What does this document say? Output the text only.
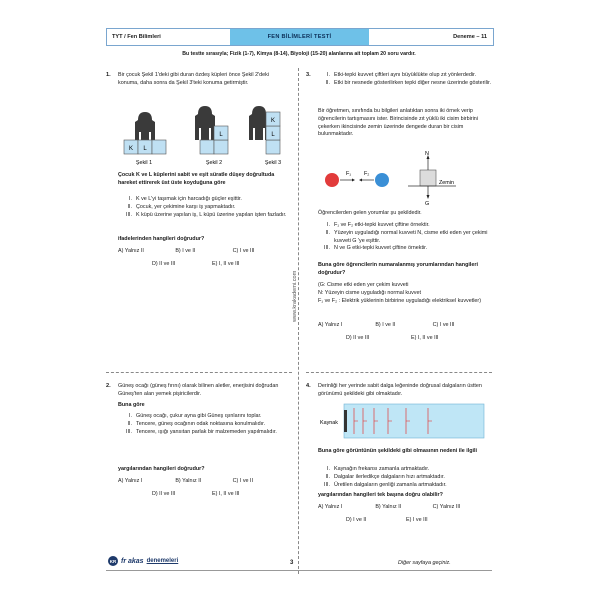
TYT / Fen Bilimleri	FEN BİLİMLERİ TESTİ	Deneme – 11
Bu testte sırasıyla; Fizik (1-7), Kimya (8-14), Biyoloji (15-20) alanlarına ait toplam 20 soru vardır.
www.krakademi.com
1. Bir çocuk Şekil 1'deki gibi duran özdeş küpleri önce Şekil 2'deki konuma, daha sonra da Şekil 3'teki konuma getirmiştir.
K L
L
K
L
Şekil 1	Şekil 2	Şekil 3
Çocuk K ve L küplerini sabit ve eşit süratle düşey doğrultuda hareket ettirerek üst üste koyduğuna göre
I. K ve L'yi taşımak için harcadığı güçler eşittir.
II. Çocuk, yer çekimine karşı iş yapmaktadır.
III. K küpü üzerine yapılan iş, L küpü üzerine yapılan işten fazladır.
ifadelerinden hangileri doğrudur?
A) Yalnız II	B) I ve II	C) I ve III
D) II ve III	E) I, II ve III
2. Güneş ocağı (güneş fırını) olarak bilinen aletler, enerjisini doğrudan Güneş'ten alan yemek pişiricilerdir.
Buna göre
I. Güneş ocağı, çukur ayna gibi Güneş ışınlarını toplar.
II. Tencere, güneş ocağının odak noktasına konulmalıdır.
III. Tencere, ışığı yansıtan parlak bir malzemeden yapılmalıdır.
yargılarından hangileri doğrudur?
A) Yalnız I	B) Yalnız II	C) I ve II
D) II ve III	E) I, II ve III
3.	I. Etki-tepki kuvvet çiftleri aynı büyüklükte olup zıt yönlerdedir.
II. Etki bir nesnede gösterilirken tepki diğer nesne üzerinde gösterilir.
Bir öğretmen, sınıfında bu bilgileri anlatıktan sonra iki örnek verip öğrencilerin tartışmasını ister. Birincisinde zıt yüklü iki cisim birbirini çekerken ikincisinde zemin üzerinde dengede duran bir cisim bulunmaktadır.
F₁ F₂
N
G
Zemin
Öğrencilerden gelen yorumlar şu şekildedir.
I. F₁ ve F₂ etki-tepki kuvvet çiftine örnektir.
II. Yüzeyin uyguladığı normal kuvveti N, cisme etki eden yer çekimi kuvveti G 'ye eşittir.
III. N ve G etki-tepki kuvvet çiftine örnektir.
Buna göre öğrencilerin numaralanmış yorumlarından hangileri doğrudur?
(G: Cisme etki eden yer çekim kuvveti
N: Yüzeyin cisme uyguladığı normal kuvvet
F₁ ve F₂ : Elektrik yüklerinin birbirine uyguladığı elektriksel kuvvetler)
A) Yalnız I	B) I ve II	C) I ve III
D) II ve III	E) I, II ve III
4. Derinliği her yerinde sabit dalga leğeninde doğrusal dalgaların üstten görünümü şekildeki gibi olmaktadır.
Kaynak
Buna göre görüntünün şekildeki gibi olmasının nedeni ile ilgili
I. Kaynağın frekansı zamanla artmaktadır.
II. Dalgalar ilerledikçe dalgaların hızı artmaktadır.
III. Üretilen dalgaların genliği zamanla artmaktadır.
yargılarından hangileri tek başına doğru olabilir?
A) Yalnız I	B) Yalnız II	C) Yalnız III
D) I ve II	E) I ve III
KR fr akas denemeleri	3	Diğer sayfaya geçiniz.
